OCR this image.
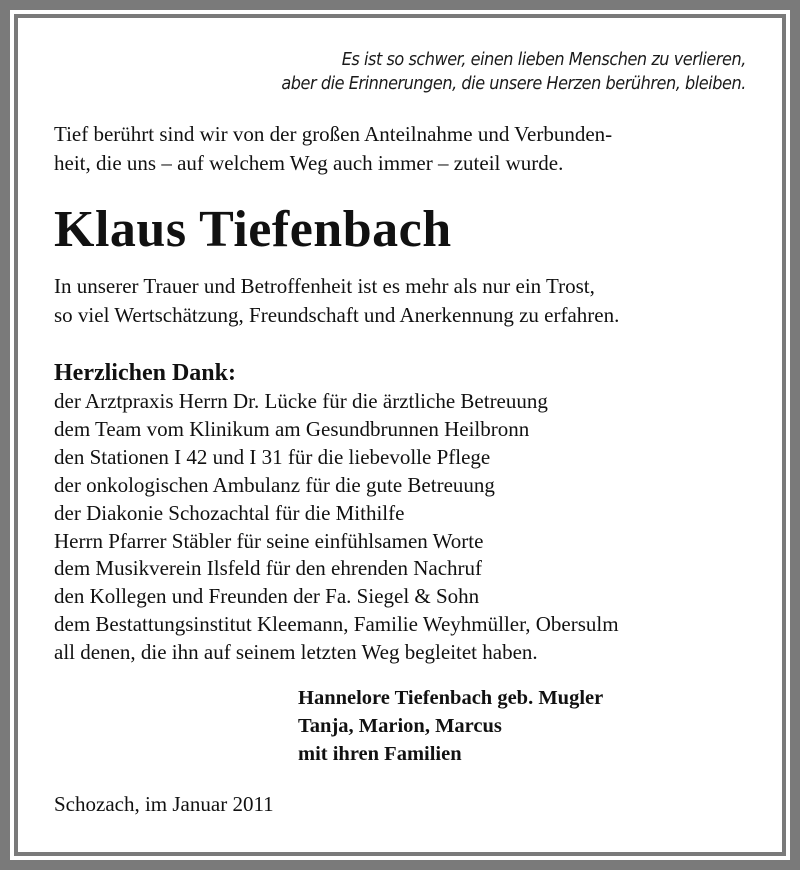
Es ist so schwer, einen lieben Menschen zu verlieren,
aber die Erinnerungen, die unsere Herzen berühren, bleiben.
Tief berührt sind wir von der großen Anteilnahme und Verbunden-
heit, die uns – auf welchem Weg auch immer – zuteil wurde.
Klaus Tiefenbach
In unserer Trauer und Betroffenheit ist es mehr als nur ein Trost,
so viel Wertschätzung, Freundschaft und Anerkennung zu erfahren.
Herzlichen Dank:
der Arztpraxis Herrn Dr. Lücke für die ärztliche Betreuung
dem Team vom Klinikum am Gesundbrunnen Heilbronn
den Stationen I 42 und I 31 für die liebevolle Pflege
der onkologischen Ambulanz für die gute Betreuung
der Diakonie Schozachtal für die Mithilfe
Herrn Pfarrer Stäbler für seine einfühlsamen Worte
dem Musikverein Ilsfeld für den ehrenden Nachruf
den Kollegen und Freunden der Fa. Siegel & Sohn
dem Bestattungsinstitut Kleemann, Familie Weyhmüller, Obersulm
all denen, die ihn auf seinem letzten Weg begleitet haben.
Hannelore Tiefenbach geb. Mugler
Tanja, Marion, Marcus
mit ihren Familien
Schozach, im Januar 2011
